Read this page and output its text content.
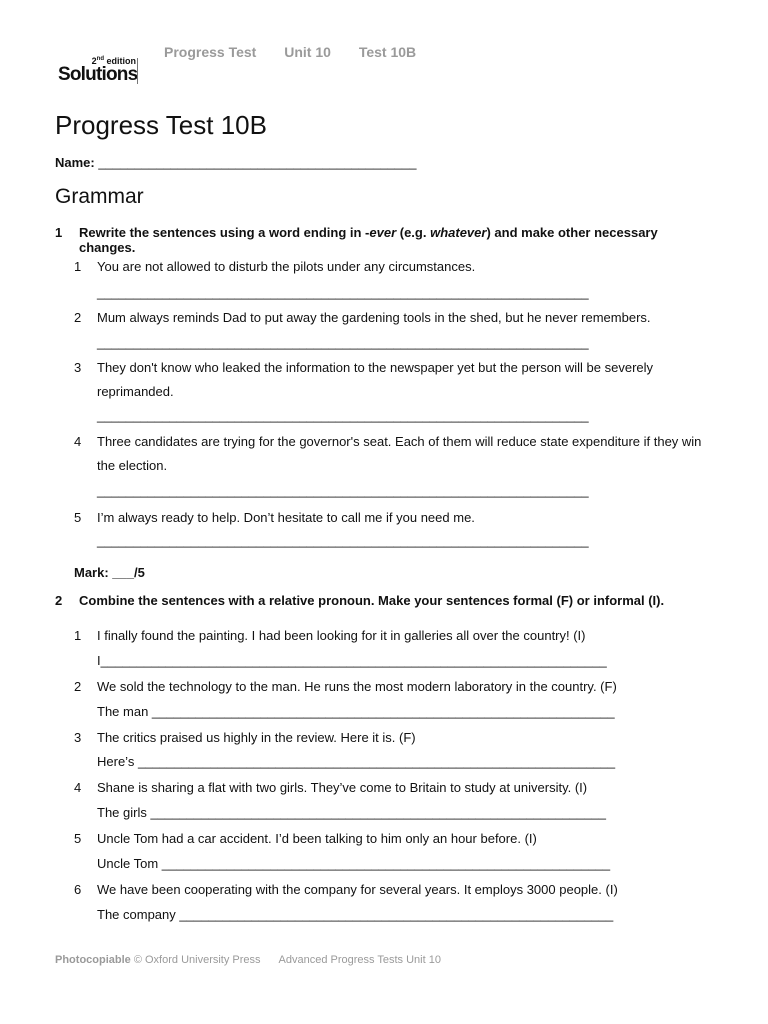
Progress Test Unit 10 Test 10B
2nd edition
Solutions
Progress Test 10B
Name: ____________________________________________
Grammar
1 Rewrite the sentences using a word ending in -ever (e.g. whatever) and make other necessary changes.
1 You are not allowed to disturb the pilots under any circumstances.
____________________________________________________________________
2 Mum always reminds Dad to put away the gardening tools in the shed, but he never remembers.
____________________________________________________________________
3 They don't know who leaked the information to the newspaper yet but the person will be severely reprimanded.
____________________________________________________________________
4 Three candidates are trying for the governor's seat. Each of them will reduce state expenditure if they win the election.
____________________________________________________________________
5 I’m always ready to help. Don’t hesitate to call me if you need me.
____________________________________________________________________
Mark: ___/5
2 Combine the sentences with a relative pronoun. Make your sentences formal (F) or informal (I).
1 I finally found the painting. I had been looking for it in galleries all over the country! (I)
I______________________________________________________________________
2 We sold the technology to the man. He runs the most modern laboratory in the country. (F)
The man ________________________________________________________________
3 The critics praised us highly in the review. Here it is. (F)
Here’s __________________________________________________________________
4 Shane is sharing a flat with two girls. They’ve come to Britain to study at university. (I)
The girls _______________________________________________________________
5 Uncle Tom had a car accident. I’d been talking to him only an hour before. (I)
Uncle Tom ______________________________________________________________
6 We have been cooperating with the company for several years. It employs 3000 people. (I)
The company ____________________________________________________________
Photocopiable © Oxford University Press Advanced Progress Tests Unit 10
